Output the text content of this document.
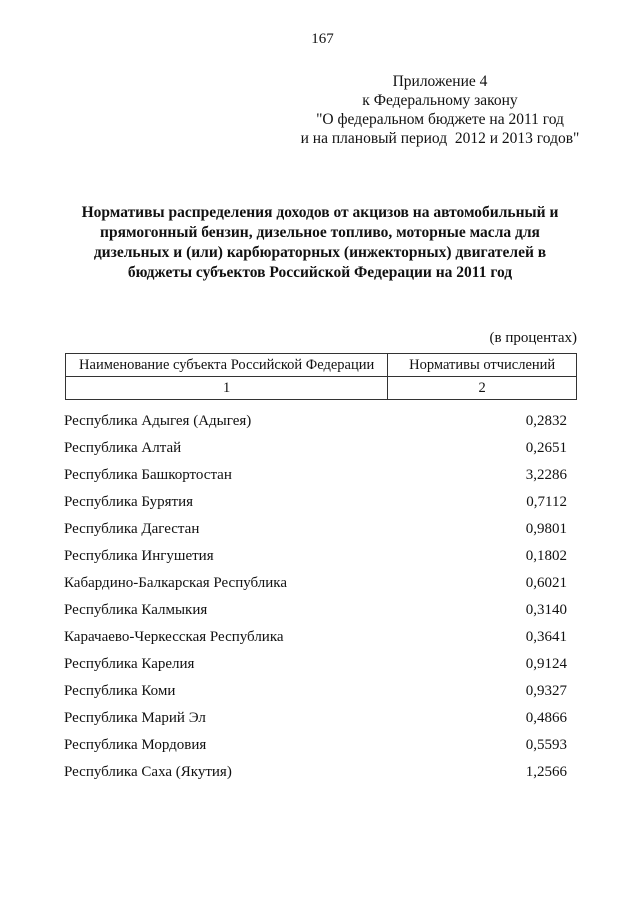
167
Приложение 4
к Федеральному закону
"О федеральном бюджете на 2011 год
и на плановый период  2012 и 2013 годов"
Нормативы распределения доходов от акцизов на автомобильный и
прямогонный бензин, дизельное топливо, моторные масла для
дизельных и (или) карбюраторных (инжекторных) двигателей в
бюджеты субъектов Российской Федерации на 2011 год
(в процентах)
Наименование субъекта Российской Федерации	Нормативы отчислений
1	2
Республика Адыгея (Адыгея)	0,2832
Республика Алтай	0,2651
Республика Башкортостан	3,2286
Республика Бурятия	0,7112
Республика Дагестан	0,9801
Республика Ингушетия	0,1802
Кабардино-Балкарская Республика	0,6021
Республика Калмыкия	0,3140
Карачаево-Черкесская Республика	0,3641
Республика Карелия	0,9124
Республика Коми	0,9327
Республика Марий Эл	0,4866
Республика Мордовия	0,5593
Республика Саха (Якутия)	1,2566
